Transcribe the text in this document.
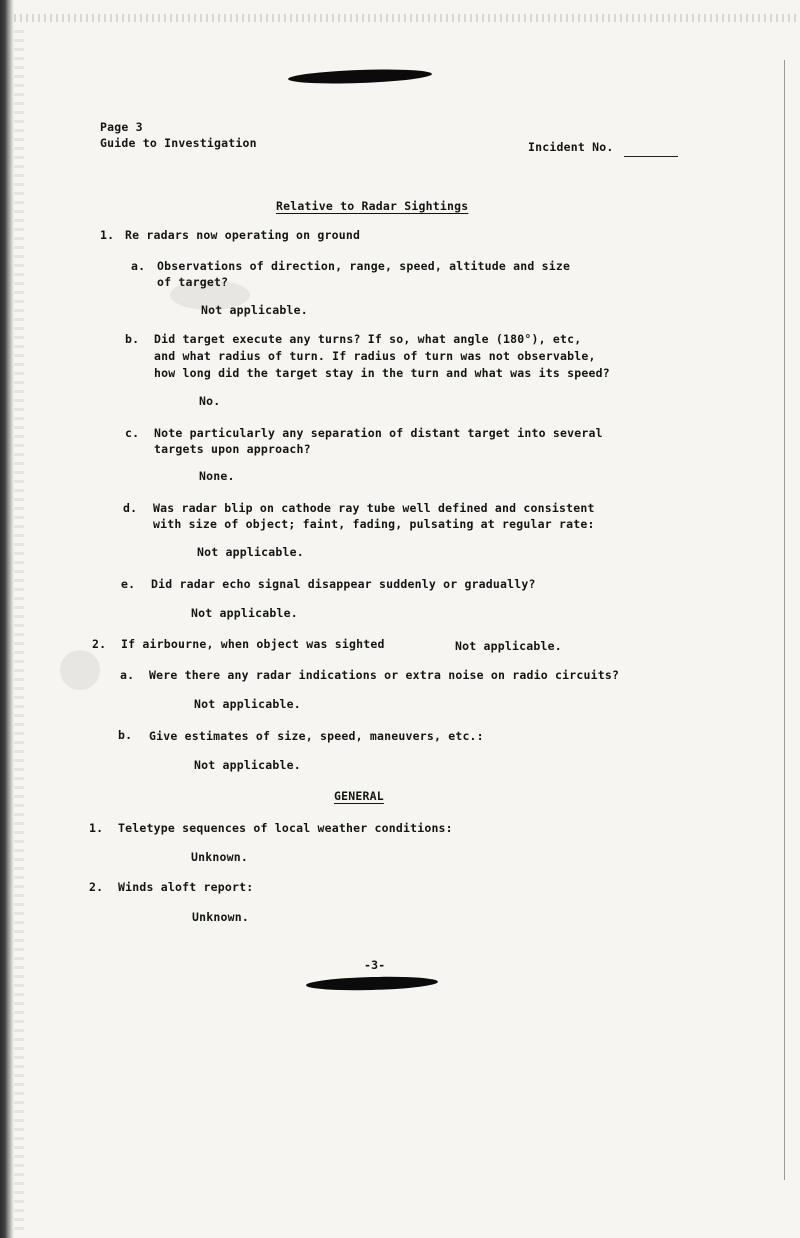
Page 3
Guide to Investigation	Incident No.
Relative to Radar Sightings
1. Re radars now operating on ground
a. Observations of direction, range, speed, altitude and size
of target?
Not applicable.
b. Did target execute any turns? If so, what angle (180°), etc,
and what radius of turn. If radius of turn was not observable,
how long did the target stay in the turn and what was its speed?
No.
c. Note particularly any separation of distant target into several
targets upon approach?
None.
d. Was radar blip on cathode ray tube well defined and consistent
with size of object; faint, fading, pulsating at regular rate:
Not applicable.
e. Did radar echo signal disappear suddenly or gradually?
Not applicable.
2. If airbourne, when object was sighted	Not applicable.
a. Were there any radar indications or extra noise on radio circuits?
Not applicable.
b. Give estimates of size, speed, maneuvers, etc.:
Not applicable.
GENERAL
1. Teletype sequences of local weather conditions:
Unknown.
2. Winds aloft report:
Unknown.
-3-
